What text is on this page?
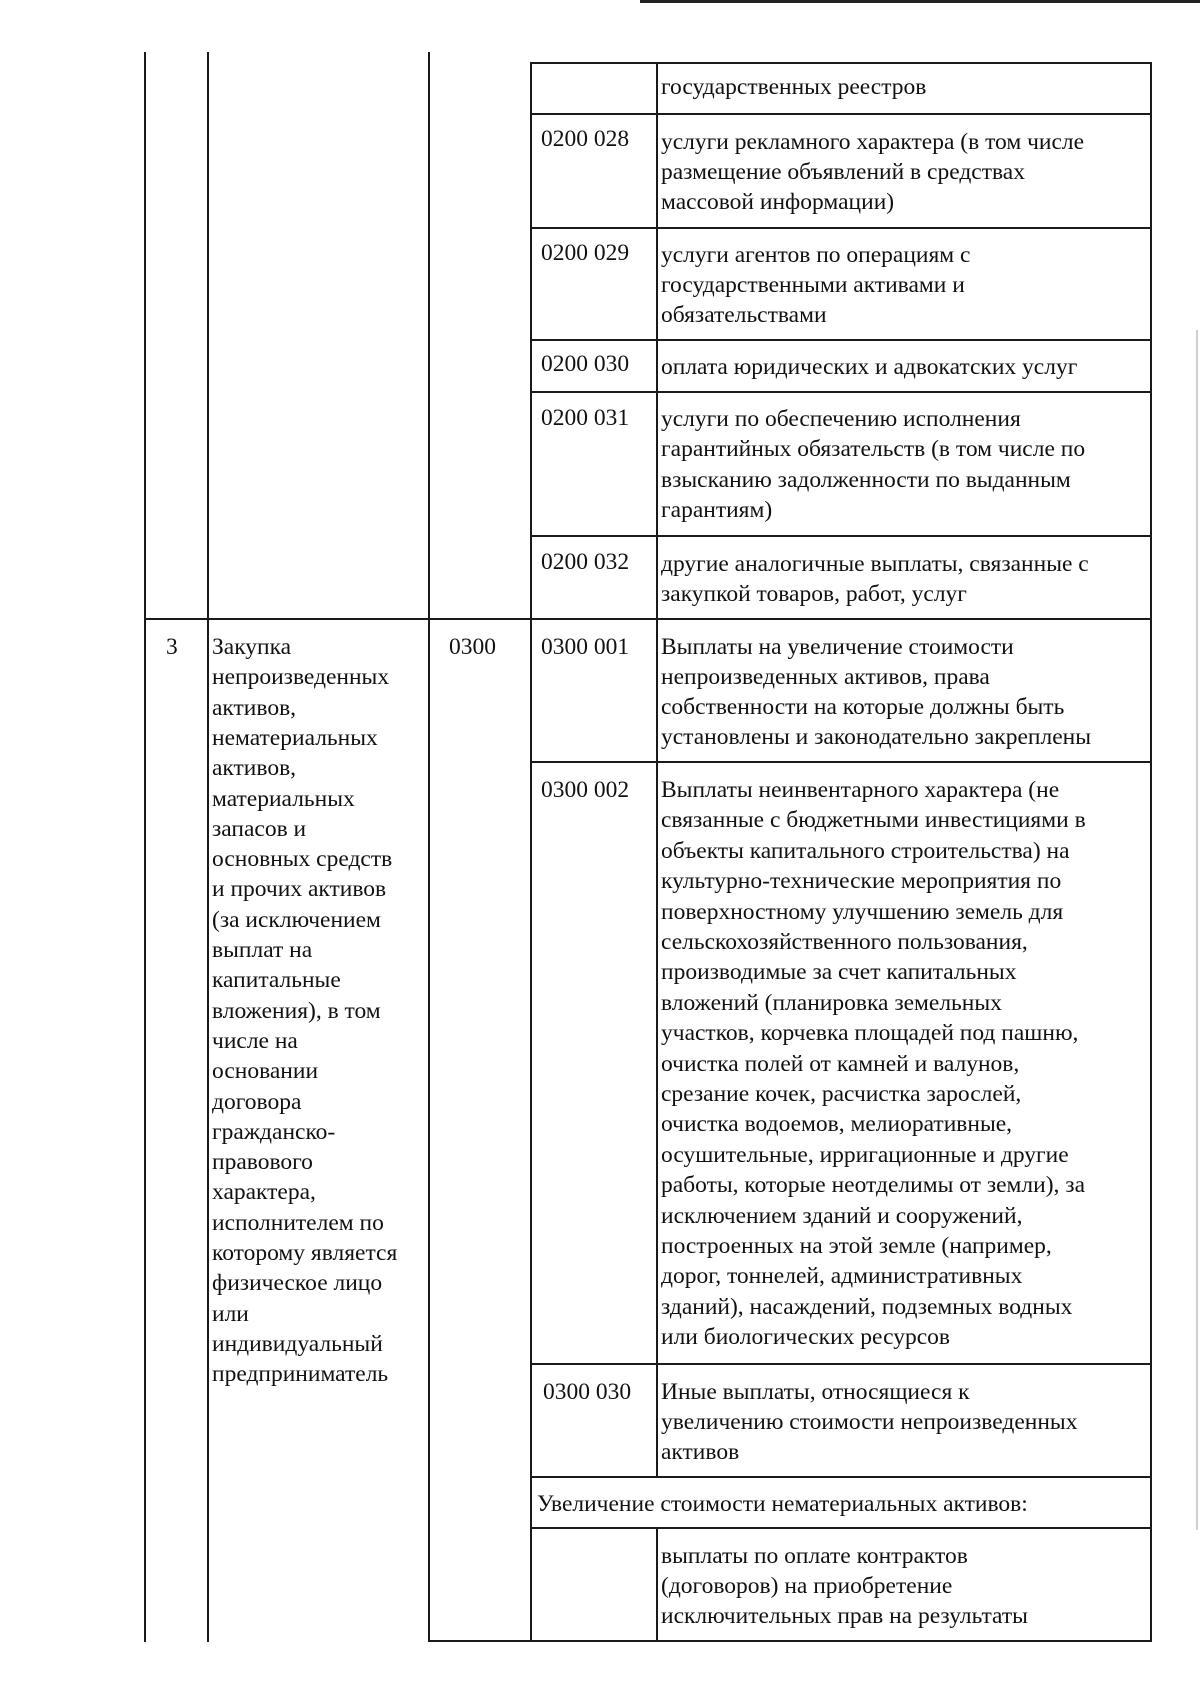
государственных реестров
0200 028 услуги рекламного характера (в том числе
размещение объявлений в средствах
массовой информации)
0200 029 услуги агентов по операциям с
государственными активами и
обязательствами
0200 030 оплата юридических и адвокатских услуг
0200 031 услуги по обеспечению исполнения
гарантийных обязательств (в том числе по
взысканию задолженности по выданным
гарантиям)
0200 032 другие аналогичные выплаты, связанные с
закупкой товаров, работ, услуг
3	0300
Закупка
непроизведенных
активов,
нематериальных
активов,
материальных
запасов и
основных средств
и прочих активов
(за исключением
выплат на
капитальные
вложения), в том
числе на
основании
договора
гражданско-
правового
характера,
исполнителем по
которому является
физическое лицо
или
индивидуальный
предприниматель
0300 001 Выплаты на увеличение стоимости
непроизведенных активов, права
собственности на которые должны быть
установлены и законодательно закреплены
0300 002 Выплаты неинвентарного характера (не
связанные с бюджетными инвестициями в
объекты капитального строительства) на
культурно-технические мероприятия по
поверхностному улучшению земель для
сельскохозяйственного пользования,
производимые за счет капитальных
вложений (планировка земельных
участков, корчевка площадей под пашню,
очистка полей от камней и валунов,
срезание кочек, расчистка зарослей,
очистка водоемов, мелиоративные,
осушительные, ирригационные и другие
работы, которые неотделимы от земли), за
исключением зданий и сооружений,
построенных на этой земле (например,
дорог, тоннелей, административных
зданий), насаждений, подземных водных
или биологических ресурсов
0300 030 Иные выплаты, относящиеся к
увеличению стоимости непроизведенных
активов
Увеличение стоимости нематериальных активов:
выплаты по оплате контрактов
(договоров) на приобретение
исключительных прав на результаты
